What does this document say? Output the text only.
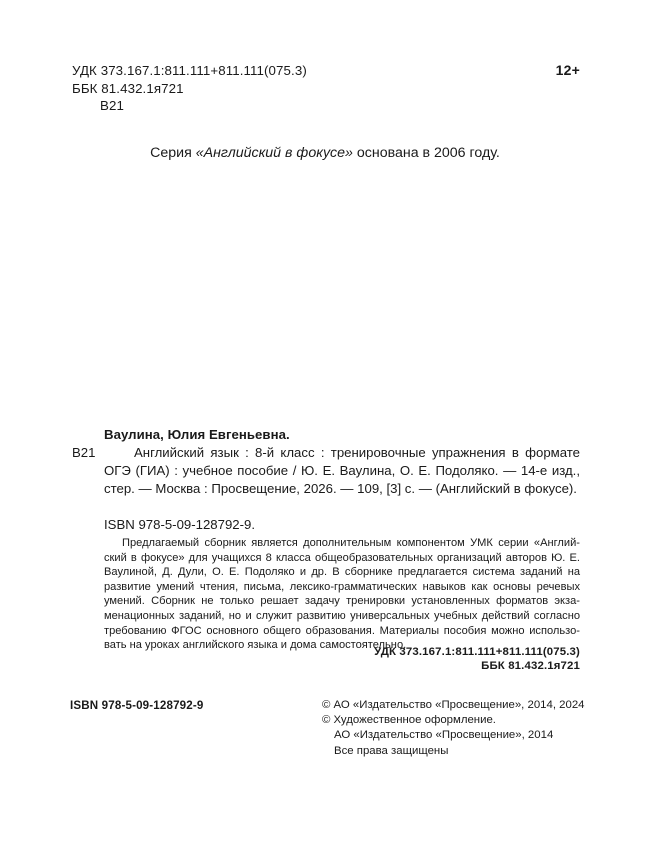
УДК 373.167.1:811.111+811.111(075.3)
ББК 81.432.1я721
В21
12+
Серия «Английский в фокусе» основана в 2006 году.
Ваулина, Юлия Евгеньевна.
В21	Английский язык : 8-й класс : тренировочные упражнения в формате ОГЭ (ГИА) : учебное пособие / Ю. Е. Ваулина, О. Е. Подоляко. — 14-е изд., стер. — Москва : Просвещение, 2026. — 109, [3] с. — (Английский в фокусе).
ISBN 978-5-09-128792-9.
Предлагаемый сборник является дополнительным компонентом УМК серии «Английский в фокусе» для учащихся 8 класса общеобразовательных организаций авторов Ю. Е. Ваулиной, Д. Дули, О. Е. Подоляко и др. В сборнике предлагается система заданий на развитие умений чтения, письма, лексико-грамматических навыков как основы речевых умений. Сборник не только решает задачу тренировки установленных форматов экзаменационных заданий, но и служит развитию универсальных учебных действий согласно требованию ФГОС основного общего образования. Материалы пособия можно использовать на уроках английского языка и дома самостоятельно.
УДК 373.167.1:811.111+811.111(075.3)
ББК 81.432.1я721
ISBN 978-5-09-128792-9	© АО «Издательство «Просвещение», 2014, 2024
© Художественное оформление.
АО «Издательство «Просвещение», 2014
Все права защищены
